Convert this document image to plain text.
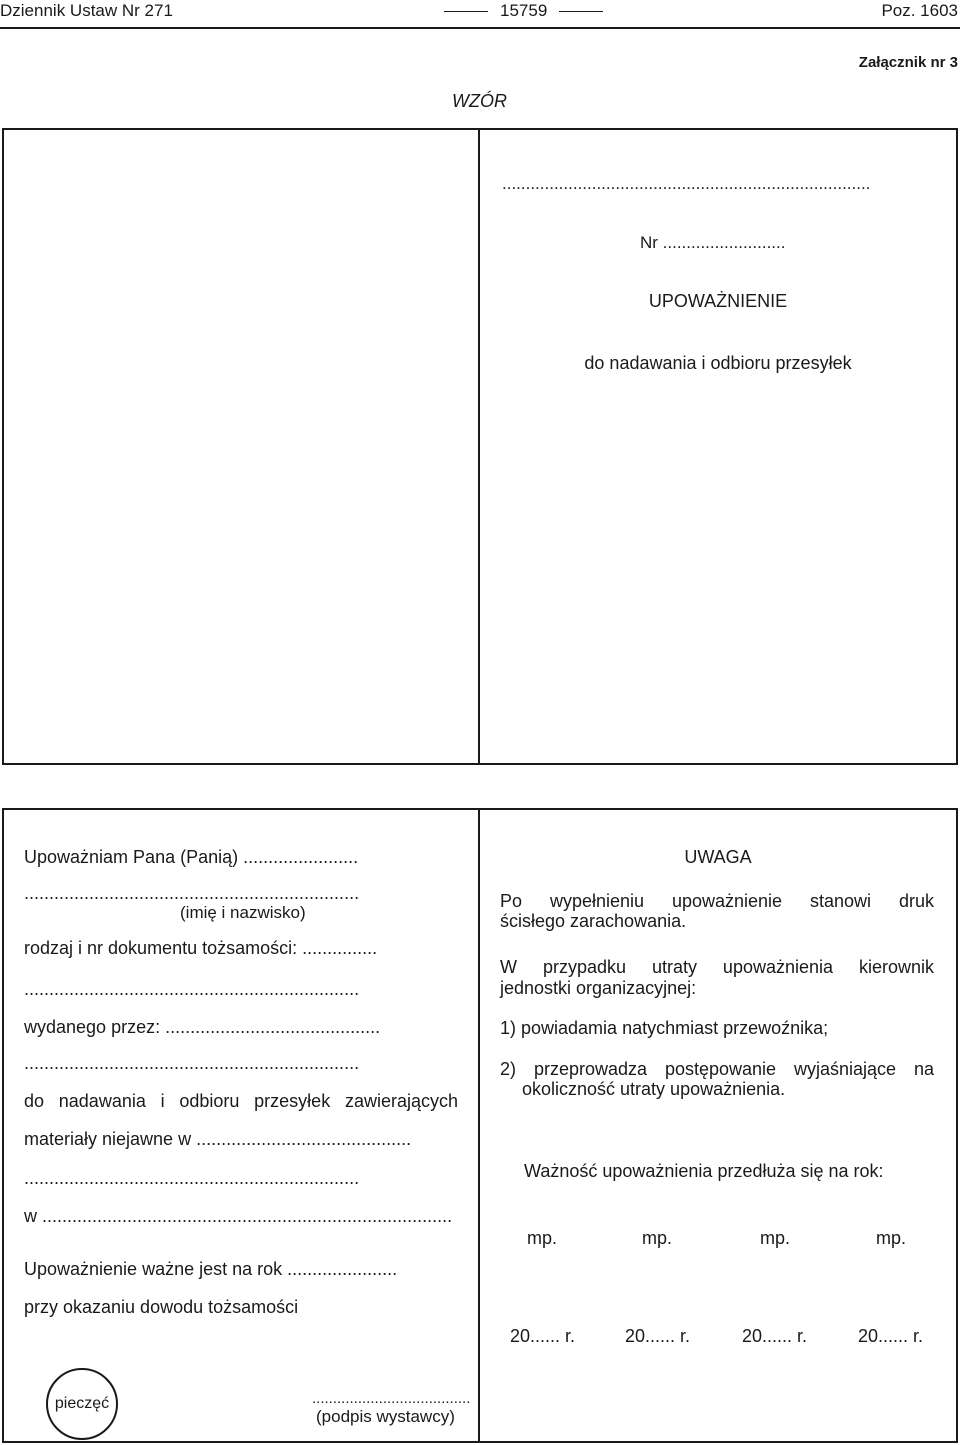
Dziennik Ustaw Nr 271	15759	Poz. 1603
Załącznik nr 3
WZÓR
..............................................................................
Nr ..........................
UPOWAŻNIENIE
do nadawania i odbioru przesyłek
Upoważniam Pana (Panią) .......................
...................................................................
(imię i nazwisko)
rodzaj i nr dokumentu tożsamości: ...............
...................................................................
wydanego przez: ...........................................
...................................................................
do nadawania i odbioru przesyłek zawierających
materiały niejawne w ...........................................
...................................................................
w ..................................................................................
Upoważnienie ważne jest na rok ......................
przy okazaniu dowodu tożsamości
pieczęć	......................................
(podpis wystawcy)
UWAGA
Po wypełnieniu upoważnienie stanowi druk
ścisłego zarachowania.
W przypadku utraty upoważnienia kierownik
jednostki organizacyjnej:
1) powiadamia natychmiast przewoźnika;
2) przeprowadza postępowanie wyjaśniające na
okoliczność utraty upoważnienia.
Ważność upoważnienia przedłuża się na rok:
mp.	mp.	mp.	mp.
20...... r.	20...... r.	20...... r.	20...... r.
